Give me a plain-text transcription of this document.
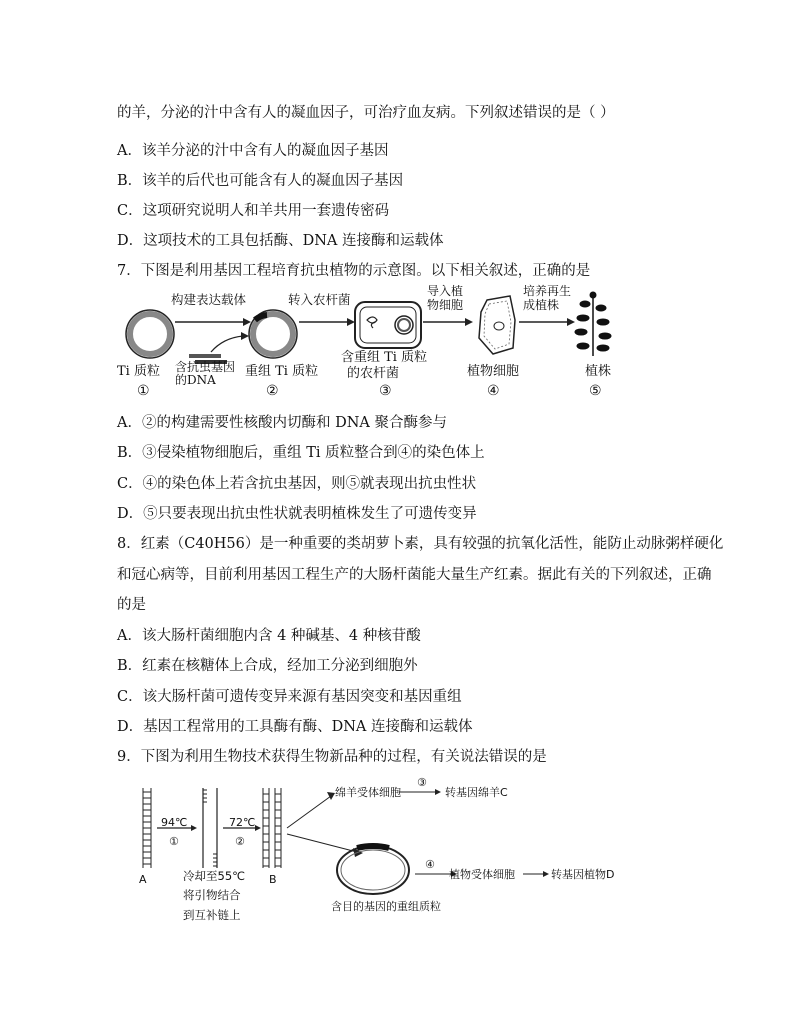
的羊，分泌的汁中含有人的凝血因子，可治疗血友病。下列叙述错误的是（ ）
A．该羊分泌的汁中含有人的凝血因子基因
B．该羊的后代也可能含有人的凝血因子基因
C．这项研究说明人和羊共用一套遗传密码
D．这项技术的工具包括酶、DNA 连接酶和运载体
7．下图是利用基因工程培育抗虫植物的示意图。以下相关叙述，正确的是
构建表达载体	转入农杆菌
导入植
物细胞
培养再生
成植株
含抗虫基因
的DNA
Ti 质粒
①
重组 Ti 质粒
②
含重组 Ti 质粒
的农杆菌
③
植物细胞
④
植株
⑤
A．②的构建需要性核酸内切酶和 DNA 聚合酶参与
B．③侵染植物细胞后，重组 Ti 质粒整合到④的染色体上
C．④的染色体上若含抗虫基因，则⑤就表现出抗虫性状
D．⑤只要表现出抗虫性状就表明植株发生了可遗传变异
8．红素（C40H56）是一种重要的类胡萝卜素，具有较强的抗氧化活性，能防止动脉粥样硬化
和冠心病等，目前利用基因工程生产的大肠杆菌能大量生产红素。据此有关的下列叙述，正确
的是
A．该大肠杆菌细胞内含 4 种碱基、4 种核苷酸
B．红素在核糖体上合成，经加工分泌到细胞外
C．该大肠杆菌可遗传变异来源有基因突变和基因重组
D．基因工程常用的工具酶有酶、DNA 连接酶和运载体
9．下图为利用生物技术获得生物新品种的过程，有关说法错误的是
A	B
94℃
①
72℃
②
冷却至55℃
将引物结合
到互补链上
绵羊受体细胞
③
转基因绵羊C
含目的基因的重组质粒
④
植物受体细胞	转基因植物D
